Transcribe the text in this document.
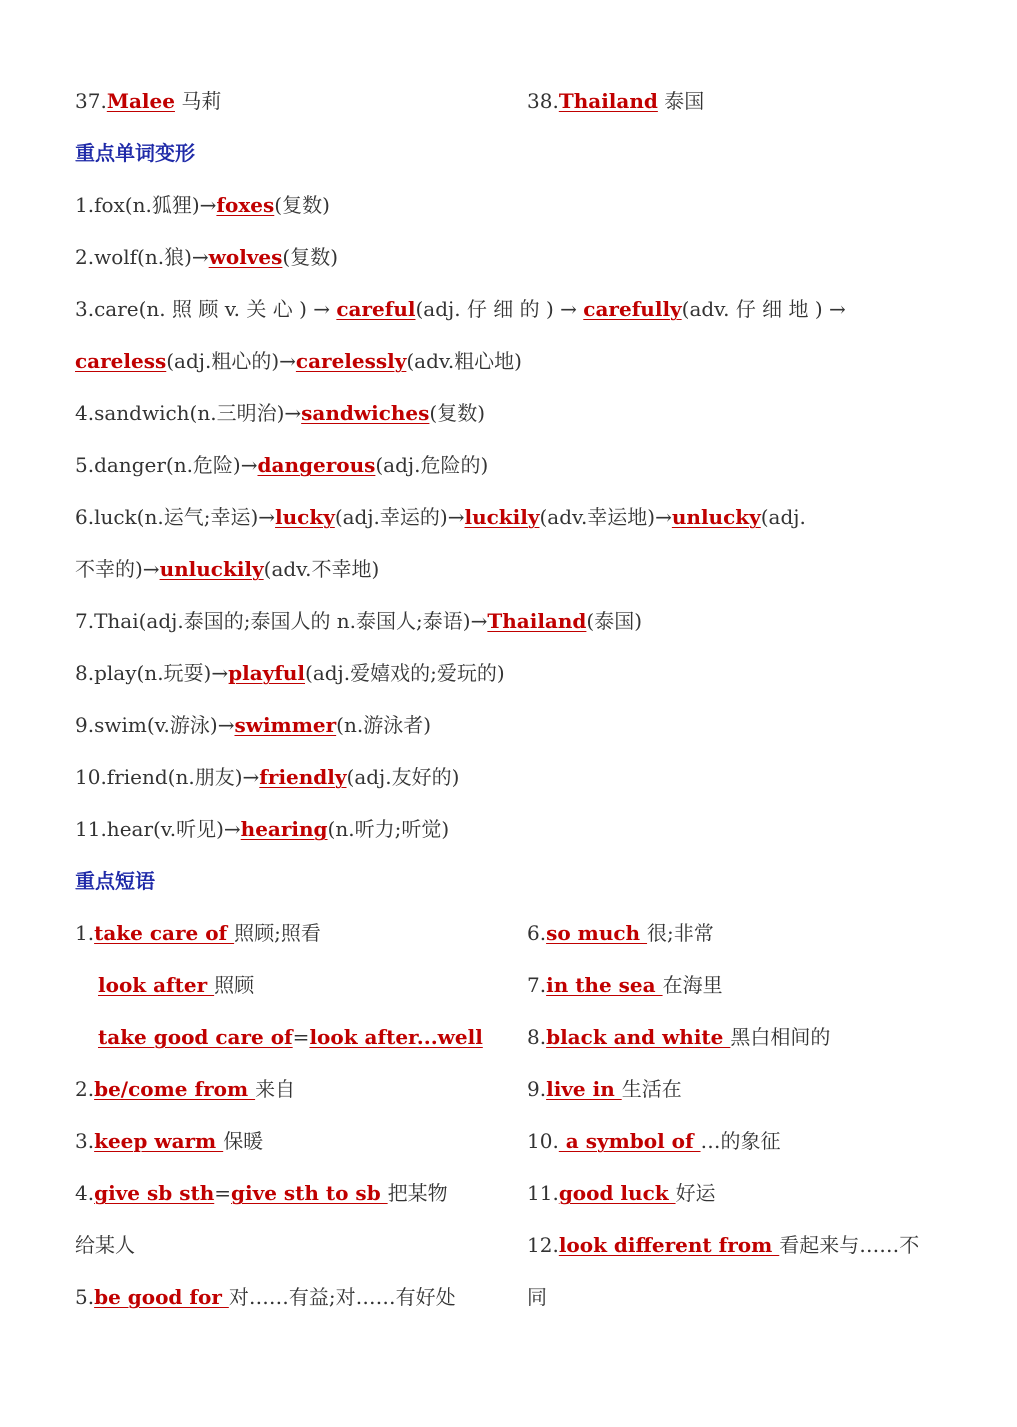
37.Malee 马莉	38.Thailand 泰国
重点单词变形
1.fox(n.狐狸)→foxes(复数)
2.wolf(n.狼)→wolves(复数)
3.care(n. 照 顾 v. 关 心 ) → careful(adj. 仔 细 的 ) → carefully(adv. 仔 细 地 ) →
careless(adj.粗心的)→carelessly(adv.粗心地)
4.sandwich(n.三明治)→sandwiches(复数)
5.danger(n.危险)→dangerous(adj.危险的)
6.luck(n.运气;幸运)→lucky(adj.幸运的)→luckily(adv.幸运地)→unlucky(adj.
不幸的)→unluckily(adv.不幸地)
7.Thai(adj.泰国的;泰国人的 n.泰国人;泰语)→Thailand(泰国)
8.play(n.玩耍)→playful(adj.爱嬉戏的;爱玩的)
9.swim(v.游泳)→swimmer(n.游泳者)
10.friend(n.朋友)→friendly(adj.友好的)
11.hear(v.听见)→hearing(n.听力;听觉)
重点短语
1.take care of 照顾;照看
look after 照顾
take good care of=look after...well
2.be/come from 来自
3.keep warm 保暖
4.give sb sth=give sth to sb 把某物
给某人
5.be good for 对……有益;对……有好处
6.so much 很;非常
7.in the sea 在海里
8.black and white 黑白相间的
9.live in 生活在
10. a symbol of …的象征
11.good luck 好运
12.look different from 看起来与……不
同
